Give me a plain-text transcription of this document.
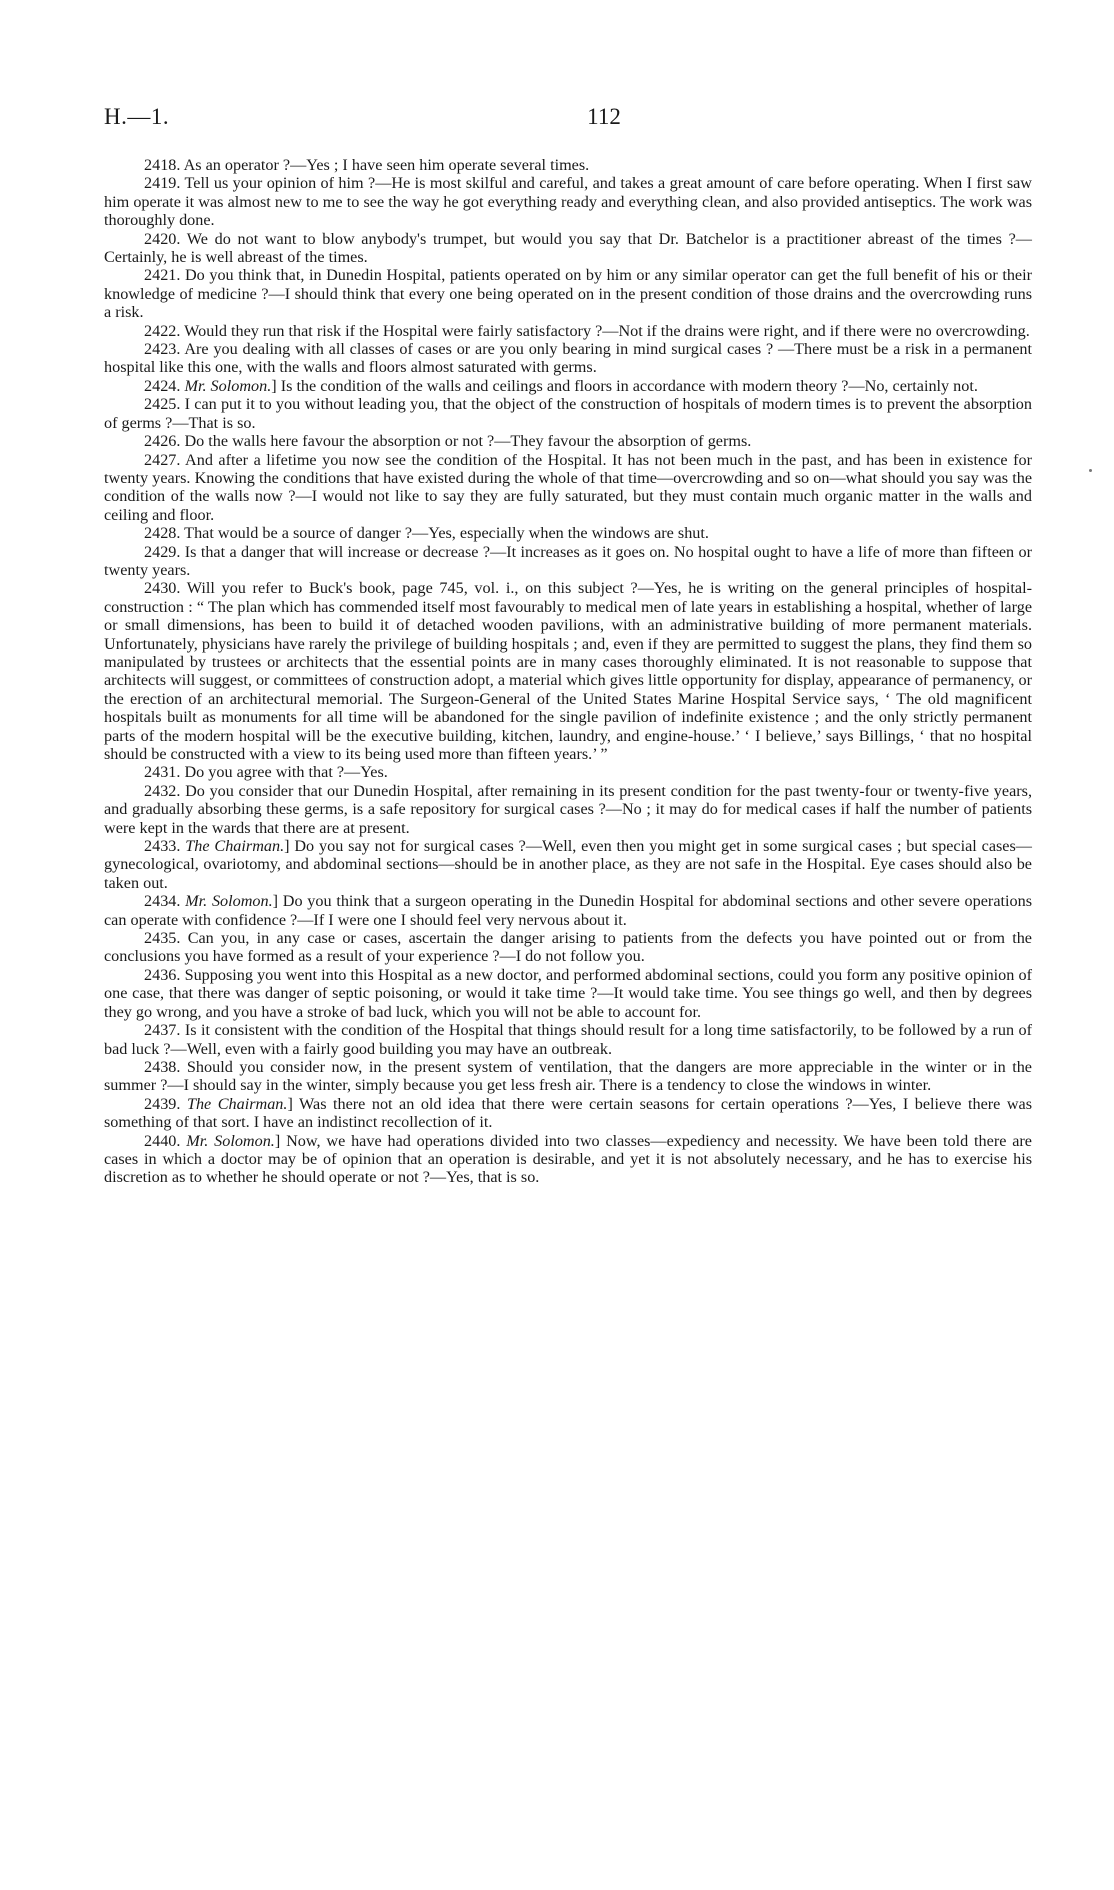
H.—1.	112

2418. As an operator ?—Yes ; I have seen him operate several times.

2419. Tell us your opinion of him ?—He is most skilful and careful, and takes a great amount of care before operating. When I first saw him operate it was almost new to me to see the way he got everything ready and everything clean, and also provided antiseptics. The work was thoroughly done.

2420. We do not want to blow anybody's trumpet, but would you say that Dr. Batchelor is a practitioner abreast of the times ?—Certainly, he is well abreast of the times.

2421. Do you think that, in Dunedin Hospital, patients operated on by him or any similar operator can get the full benefit of his or their knowledge of medicine ?—I should think that every one being operated on in the present condition of those drains and the overcrowding runs a risk.

2422. Would they run that risk if the Hospital were fairly satisfactory ?—Not if the drains were right, and if there were no overcrowding.

2423. Are you dealing with all classes of cases or are you only bearing in mind surgical cases ? —There must be a risk in a permanent hospital like this one, with the walls and floors almost saturated with germs.

2424. Mr. Solomon.] Is the condition of the walls and ceilings and floors in accordance with modern theory ?—No, certainly not.

2425. I can put it to you without leading you, that the object of the construction of hospitals of modern times is to prevent the absorption of germs ?—That is so.

2426. Do the walls here favour the absorption or not ?—They favour the absorption of germs.

2427. And after a lifetime you now see the condition of the Hospital. It has not been much in the past, and has been in existence for twenty years. Knowing the conditions that have existed during the whole of that time—overcrowding and so on—what should you say was the condition of the walls now ?—I would not like to say they are fully saturated, but they must contain much organic matter in the walls and ceiling and floor.

2428. That would be a source of danger ?—Yes, especially when the windows are shut.

2429. Is that a danger that will increase or decrease ?—It increases as it goes on. No hospital ought to have a life of more than fifteen or twenty years.

2430. Will you refer to Buck's book, page 745, vol. i., on this subject ?—Yes, he is writing on the general principles of hospital-construction : “ The plan which has commended itself most favourably to medical men of late years in establishing a hospital, whether of large or small dimensions, has been to build it of detached wooden pavilions, with an administrative building of more permanent materials. Unfortunately, physicians have rarely the privilege of building hospitals ; and, even if they are permitted to suggest the plans, they find them so manipulated by trustees or architects that the essential points are in many cases thoroughly eliminated. It is not reasonable to suppose that architects will suggest, or committees of construction adopt, a material which gives little opportunity for display, appearance of permanency, or the erection of an architectural memorial. The Surgeon-General of the United States Marine Hospital Service says, ‘ The old magnificent hospitals built as monuments for all time will be abandoned for the single pavilion of indefinite existence ; and the only strictly permanent parts of the modern hospital will be the executive building, kitchen, laundry, and engine-house.’ ‘ I believe,’ says Billings, ‘ that no hospital should be constructed with a view to its being used more than fifteen years.’ ”

2431. Do you agree with that ?—Yes.

2432. Do you consider that our Dunedin Hospital, after remaining in its present condition for the past twenty-four or twenty-five years, and gradually absorbing these germs, is a safe repository for surgical cases ?—No ; it may do for medical cases if half the number of patients were kept in the wards that there are at present.

2433. The Chairman.] Do you say not for surgical cases ?—Well, even then you might get in some surgical cases ; but special cases—gynecological, ovariotomy, and abdominal sections—should be in another place, as they are not safe in the Hospital. Eye cases should also be taken out.

2434. Mr. Solomon.] Do you think that a surgeon operating in the Dunedin Hospital for abdominal sections and other severe operations can operate with confidence ?—If I were one I should feel very nervous about it.

2435. Can you, in any case or cases, ascertain the danger arising to patients from the defects you have pointed out or from the conclusions you have formed as a result of your experience ?—I do not follow you.

2436. Supposing you went into this Hospital as a new doctor, and performed abdominal sections, could you form any positive opinion of one case, that there was danger of septic poisoning, or would it take time ?—It would take time. You see things go well, and then by degrees they go wrong, and you have a stroke of bad luck, which you will not be able to account for.

2437. Is it consistent with the condition of the Hospital that things should result for a long time satisfactorily, to be followed by a run of bad luck ?—Well, even with a fairly good building you may have an outbreak.

2438. Should you consider now, in the present system of ventilation, that the dangers are more appreciable in the winter or in the summer ?—I should say in the winter, simply because you get less fresh air. There is a tendency to close the windows in winter.

2439. The Chairman.] Was there not an old idea that there were certain seasons for certain operations ?—Yes, I believe there was something of that sort. I have an indistinct recollection of it.

2440. Mr. Solomon.] Now, we have had operations divided into two classes—expediency and necessity. We have been told there are cases in which a doctor may be of opinion that an operation is desirable, and yet it is not absolutely necessary, and he has to exercise his discretion as to whether he should operate or not ?—Yes, that is so.
